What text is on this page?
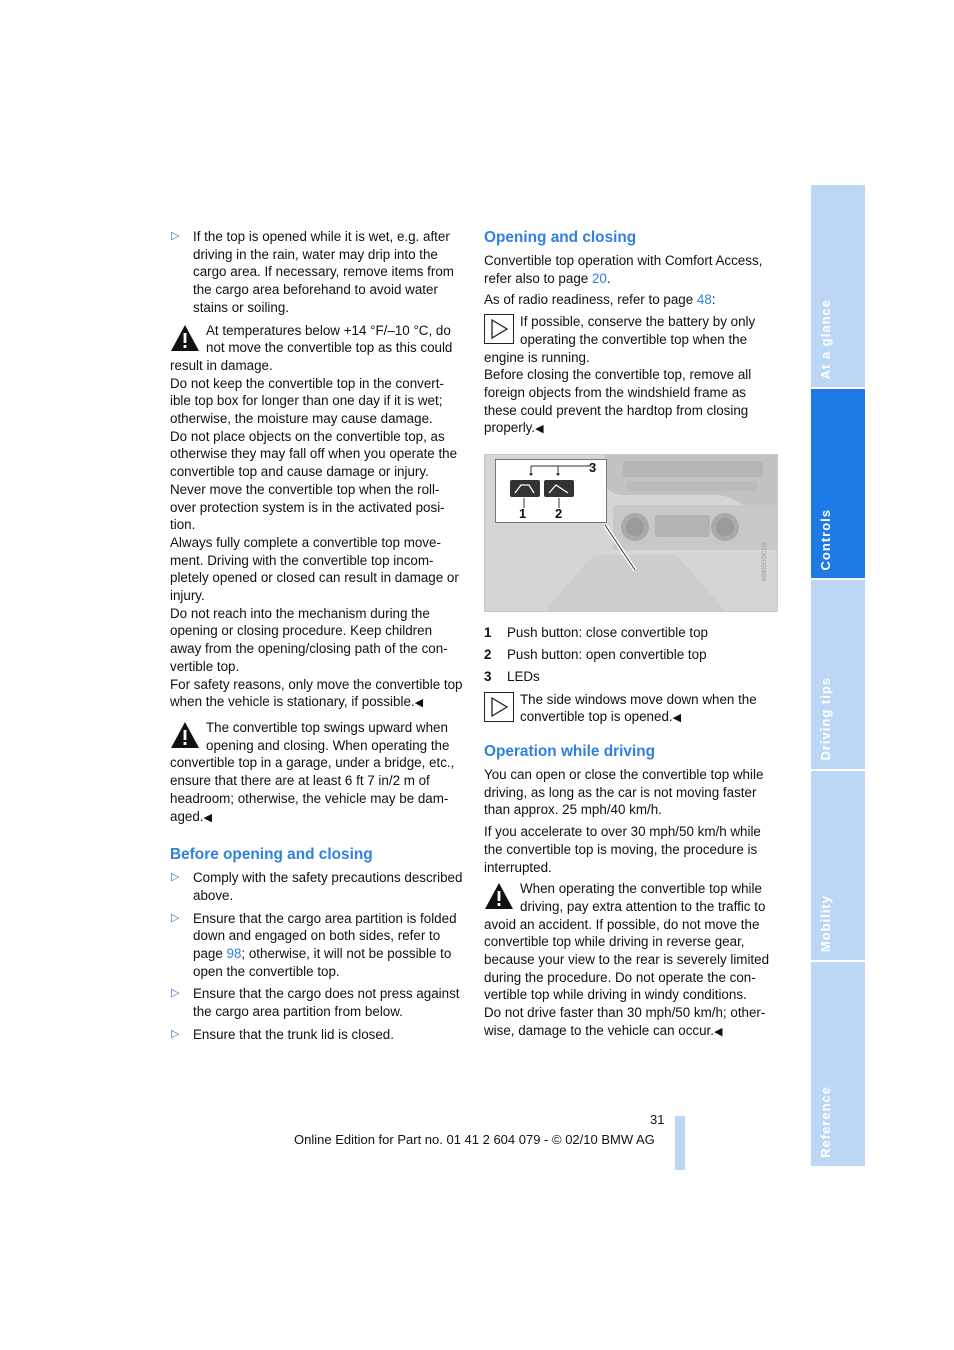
▷ If the top is opened while it is wet, e.g. after driving in the rain, water may drip into the cargo area. If necessary, remove items from the cargo area beforehand to avoid water stains or soiling.

At temperatures below +14 °F/–10 °C, do not move the convertible top as this could result in damage.

Do not keep the convertible top in the convert-ible top box for longer than one day if it is wet; otherwise, the moisture may cause damage.

Do not place objects on the convertible top, as otherwise they may fall off when you operate the convertible top and cause damage or injury.

Never move the convertible top when the roll-over protection system is in the activated posi-tion.

Always fully complete a convertible top move-ment. Driving with the convertible top incom-pletely opened or closed can result in damage or injury.

Do not reach into the mechanism during the opening or closing procedure. Keep children away from the opening/closing path of the con-vertible top.

For safety reasons, only move the convertible top when the vehicle is stationary, if possible.◀

The convertible top swings upward when opening and closing. When operating the convertible top in a garage, under a bridge, etc., ensure that there are at least 6 ft 7 in/2 m of headroom; otherwise, the vehicle may be dam-aged.◀

Before opening and closing
▷ Comply with the safety precautions described above.
▷ Ensure that the cargo area partition is folded down and engaged on both sides, refer to page 98; otherwise, it will not be possible to open the convertible top.
▷ Ensure that the cargo does not press against the cargo area partition from below.
▷ Ensure that the trunk lid is closed.
Opening and closing

Convertible top operation with Comfort Access, refer also to page 20.

As of radio readiness, refer to page 48:

If possible, conserve the battery by only operating the convertible top when the engine is running.

Before closing the convertible top, remove all foreign objects from the windshield frame as these could prevent the hardtop from closing properly.◀

1 2
3
WM05GGCUA
1 Push button: close convertible top
2 Push button: open convertible top
3 LEDs

The side windows move down when the convertible top is opened.◀

Operation while driving

You can open or close the convertible top while driving, as long as the car is not moving faster than approx. 25 mph/40 km/h.

If you accelerate to over 30 mph/50 km/h while the convertible top is moving, the procedure is interrupted.

When operating the convertible top while driving, pay extra attention to the traffic to avoid an accident. If possible, do not move the convertible top while driving in reverse gear, because your view to the rear is severely limited during the procedure. Do not operate the con-vertible top while driving in windy conditions.

Do not drive faster than 30 mph/50 km/h; other-wise, damage to the vehicle can occur.◀

At a glance
Controls
Driving tips
Mobility
Reference
31
Online Edition for Part no. 01 41 2 604 079 - © 02/10 BMW AG
